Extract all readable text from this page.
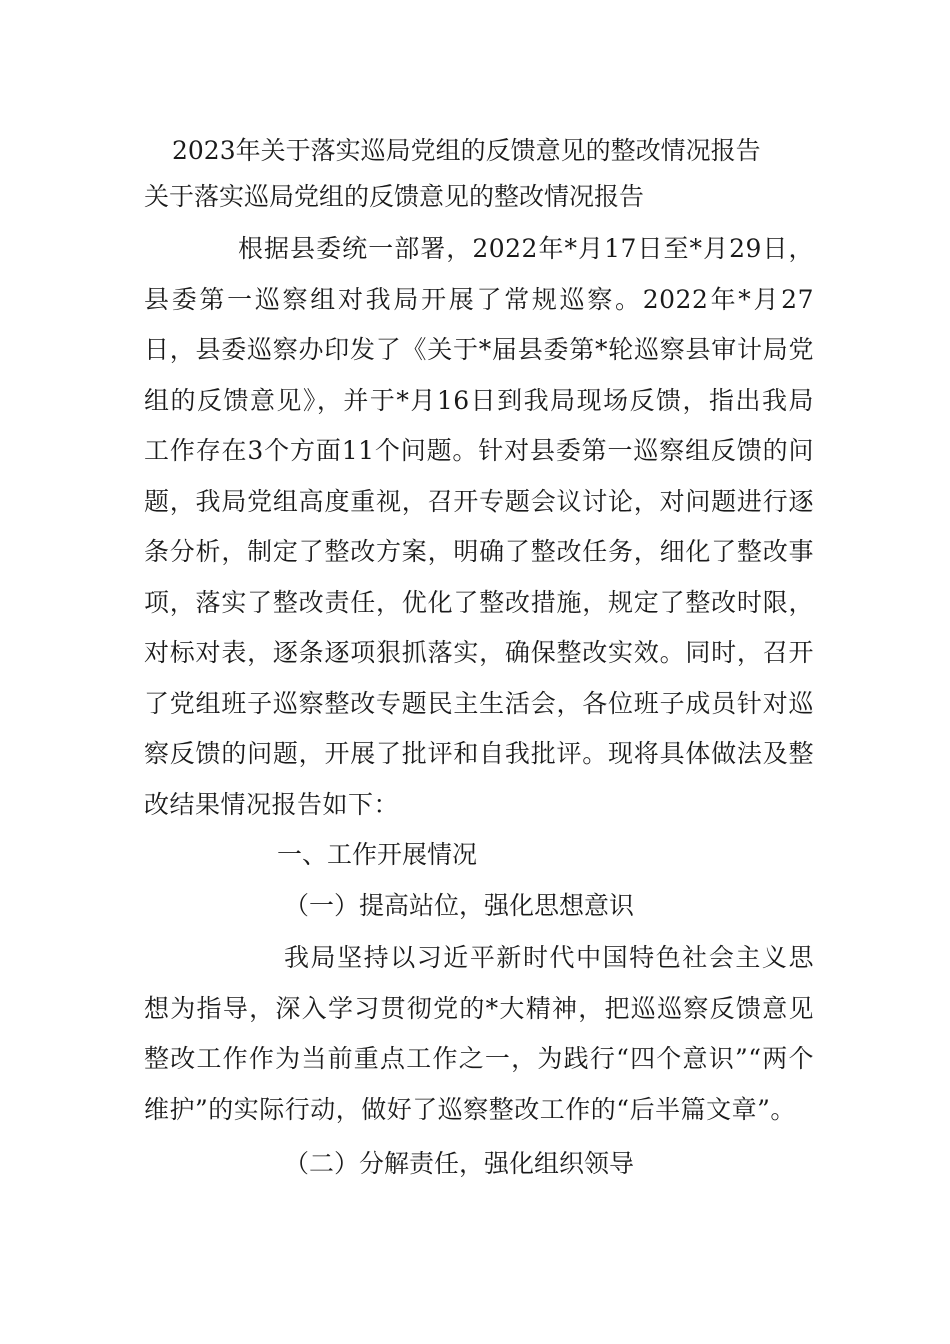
2023年关于落实巡局党组的反馈意见的整改情况报告
关于落实巡局党组的反馈意见的整改情况报告

根据县委统一部署，2022年*月17日至*月29日，县委第一巡察组对我局开展了常规巡察。2022年*月27日，县委巡察办印发了《关于*届县委第*轮巡察县审计局党组的反馈意见》，并于*月16日到我局现场反馈，指出我局工作存在3个方面11个问题。针对县委第一巡察组反馈的问题，我局党组高度重视，召开专题会议讨论，对问题进行逐条分析，制定了整改方案，明确了整改任务，细化了整改事项，落实了整改责任，优化了整改措施，规定了整改时限，对标对表，逐条逐项狠抓落实，确保整改实效。同时，召开了党组班子巡察整改专题民主生活会，各位班子成员针对巡察反馈的问题，开展了批评和自我批评。现将具体做法及整改结果情况报告如下：

一、工作开展情况

（一）提高站位，强化思想意识

我局坚持以习近平新时代中国特色社会主义思想为指导，深入学习贯彻党的*大精神，把巡巡察反馈意见整改工作作为当前重点工作之一，为践行“四个意识”“两个维护”的实际行动，做好了巡察整改工作的“后半篇文章”。

（二）分解责任，强化组织领导
